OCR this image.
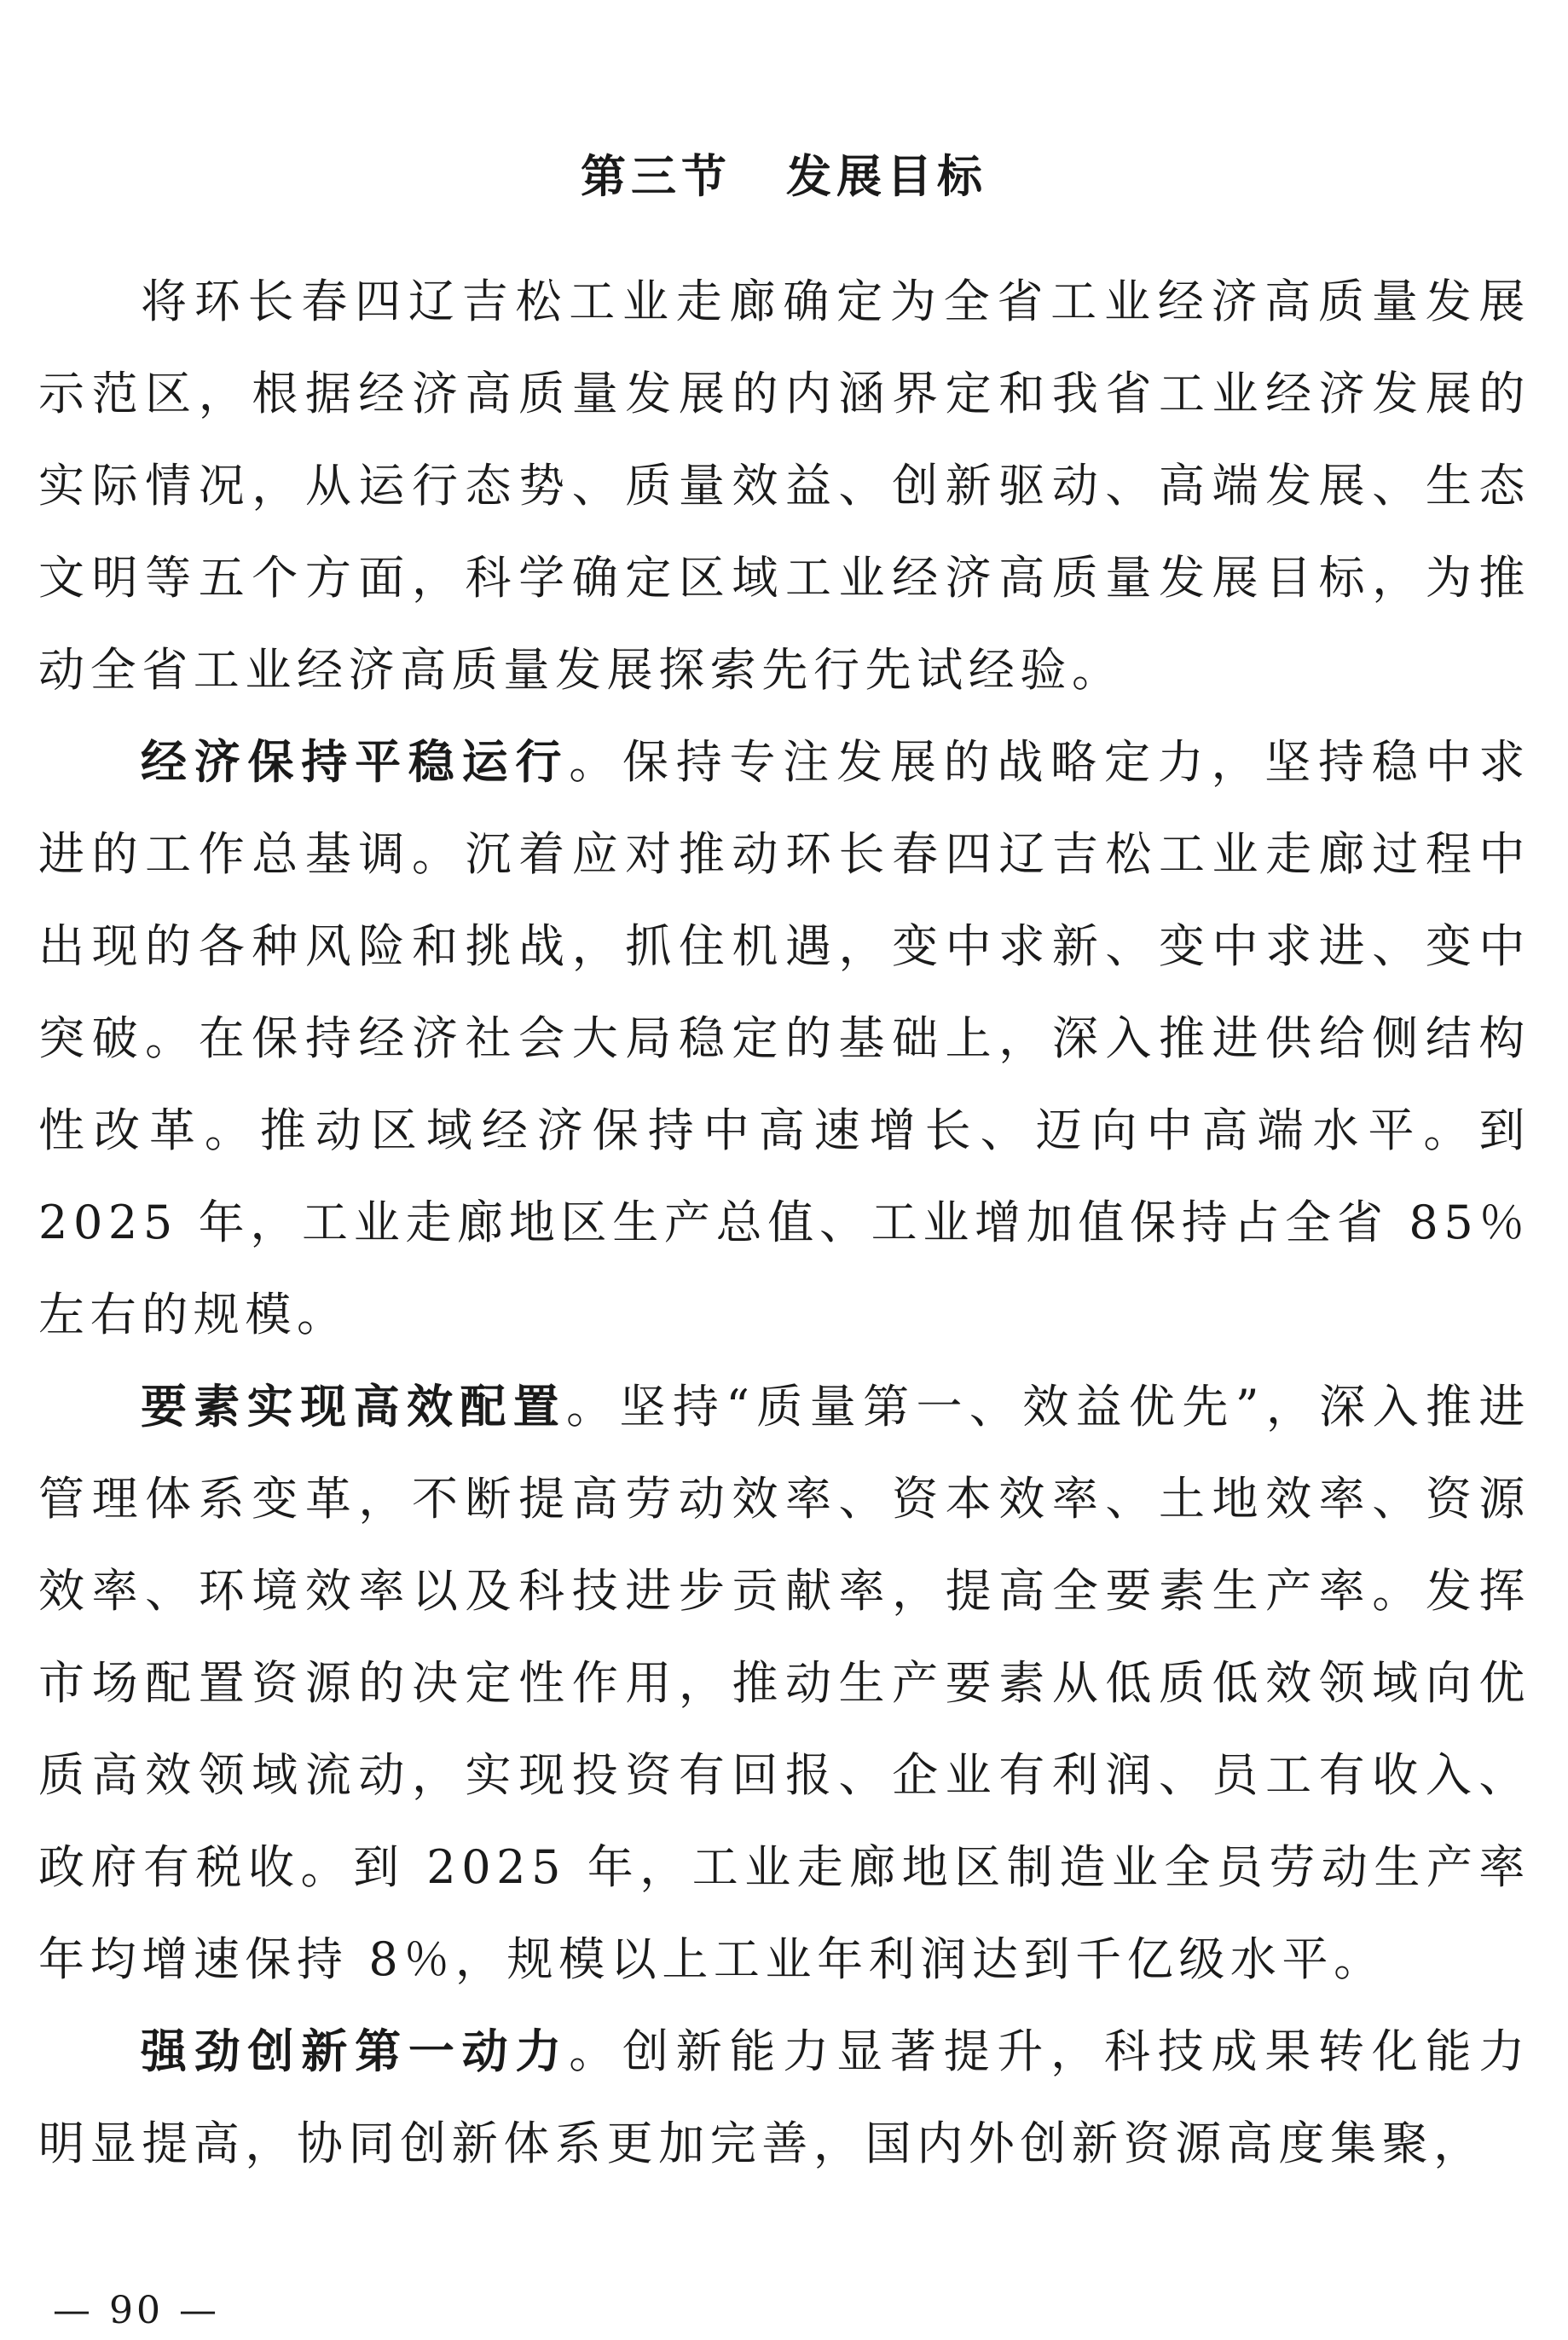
第三节 发展目标

将环长春四辽吉松工业走廊确定为全省工业经济高质量发展示范区，根据经济高质量发展的内涵界定和我省工业经济发展的实际情况，从运行态势、质量效益、创新驱动、高端发展、生态文明等五个方面，科学确定区域工业经济高质量发展目标，为推动全省工业经济高质量发展探索先行先试经验。

经济保持平稳运行。保持专注发展的战略定力，坚持稳中求进的工作总基调。沉着应对推动环长春四辽吉松工业走廊过程中出现的各种风险和挑战，抓住机遇，变中求新、变中求进、变中突破。在保持经济社会大局稳定的基础上，深入推进供给侧结构性改革。推动区域经济保持中高速增长、迈向中高端水平。到 2025 年，工业走廊地区生产总值、工业增加值保持占全省 85％左右的规模。

要素实现高效配置。坚持“质量第一、效益优先”，深入推进管理体系变革，不断提高劳动效率、资本效率、土地效率、资源效率、环境效率以及科技进步贡献率，提高全要素生产率。发挥市场配置资源的决定性作用，推动生产要素从低质低效领域向优质高效领域流动，实现投资有回报、企业有利润、员工有收入、政府有税收。到 2025 年，工业走廊地区制造业全员劳动生产率年均增速保持 8％，规模以上工业年利润达到千亿级水平。

强劲创新第一动力。创新能力显著提升，科技成果转化能力明显提高，协同创新体系更加完善，国内外创新资源高度集聚，

— 90 —
